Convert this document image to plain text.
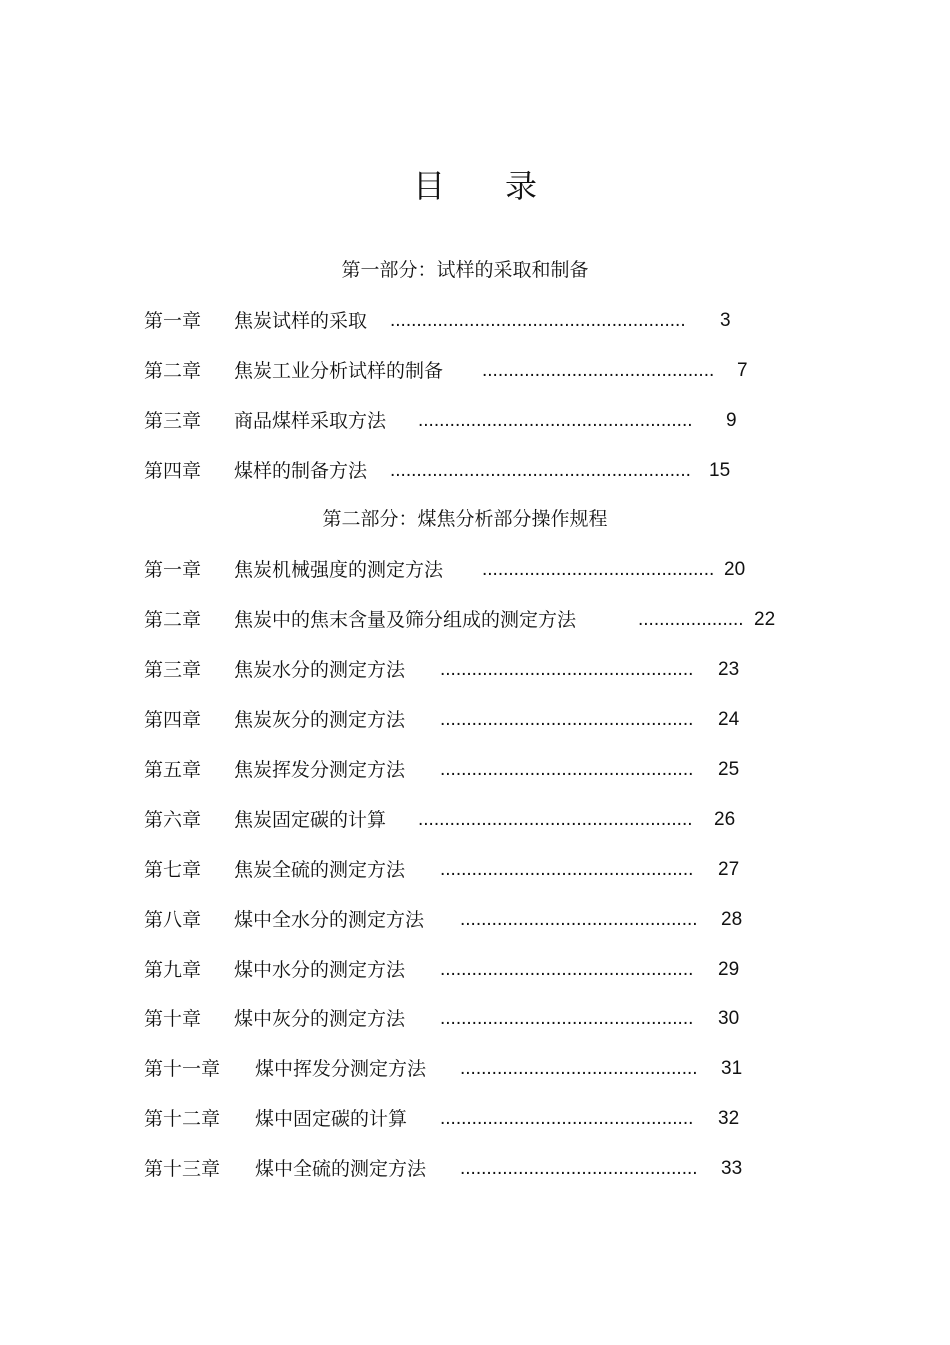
目 录
第一部分：试样的采取和制备
第一章 焦炭试样的采取 ........................................................	3
第二章 焦炭工业分析试样的制备 ............................................	7
第三章 商品煤样采取方法 ....................................................	9
第四章 煤样的制备方法 ......................................................... 15
第二部分：煤焦分析部分操作规程
第一章 焦炭机械强度的测定方法 ............................................ 20
第二章 焦炭中的焦末含量及筛分组成的测定方法	.................... 22
第三章 焦炭水分的测定方法 ................................................	23
第四章 焦炭灰分的测定方法 ................................................	24
第五章 焦炭挥发分测定方法 ................................................	25
第六章 焦炭固定碳的计算 ....................................................	26
第七章 焦炭全硫的测定方法 ................................................	27
第八章 煤中全水分的测定方法 .............................................	28
第九章 煤中水分的测定方法 ................................................	29
第十章 煤中灰分的测定方法 ................................................	30
第十一章 煤中挥发分测定方法 .............................................	31
第十二章 煤中固定碳的计算 ................................................	32
第十三章 煤中全硫的测定方法 .............................................	33
